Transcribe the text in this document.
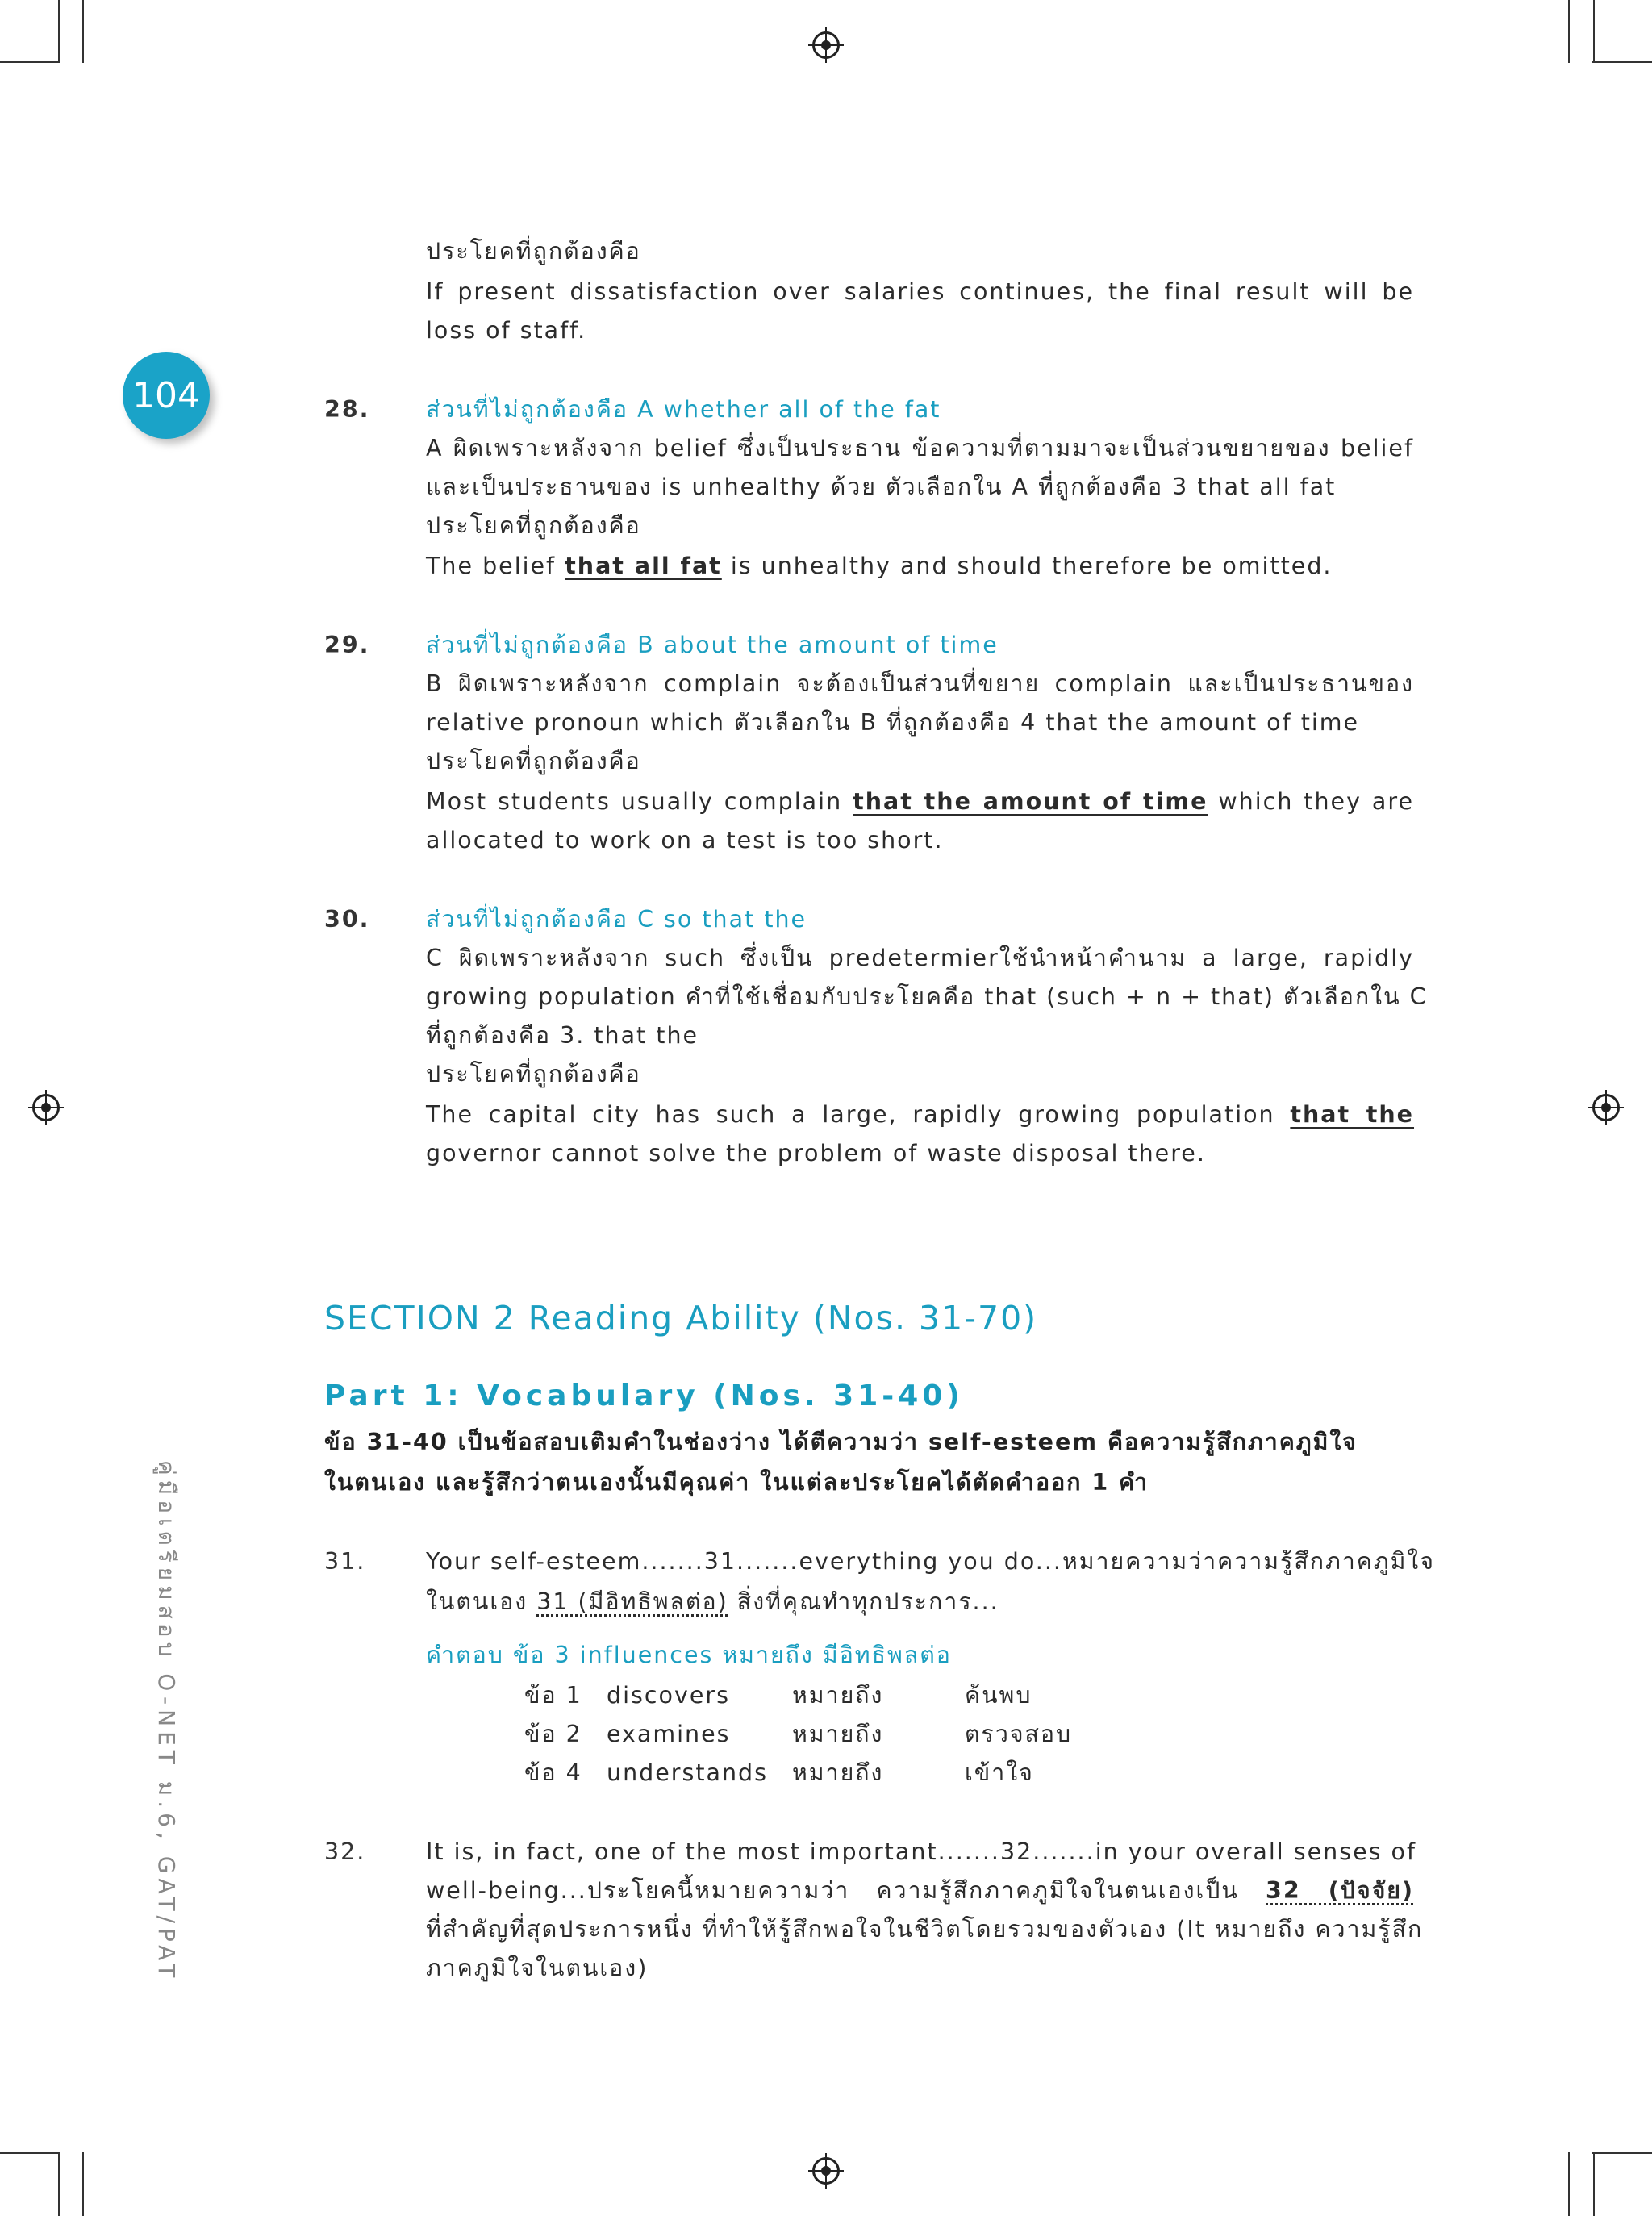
104
คู่มือเตรียมสอบ O-NET ม.6, GAT/PAT
ประโยคที่ถูกต้องคือ
If present dissatisfaction over salaries continues, the final result will be
loss of staff.
28. ส่วนที่ไม่ถูกต้องคือ A whether all of the fat
A ผิดเพราะหลังจาก belief ซึ่งเป็นประธาน ข้อความที่ตามมาจะเป็นส่วนขยายของ belief
และเป็นประธานของ is unhealthy ด้วย ตัวเลือกใน A ที่ถูกต้องคือ 3 that all fat
ประโยคที่ถูกต้องคือ
The belief that all fat is unhealthy and should therefore be omitted.
29. ส่วนที่ไม่ถูกต้องคือ B about the amount of time
B ผิดเพราะหลังจาก complain จะต้องเป็นส่วนที่ขยาย complain และเป็นประธานของ
relative pronoun which ตัวเลือกใน B ที่ถูกต้องคือ 4 that the amount of time
ประโยคที่ถูกต้องคือ
Most students usually complain that the amount of time which they are
allocated to work on a test is too short.
30. ส่วนที่ไม่ถูกต้องคือ C so that the
C ผิดเพราะหลังจาก such ซึ่งเป็น predetermierใช้นำหน้าคำนาม a large, rapidly
growing population คำที่ใช้เชื่อมกับประโยคคือ that (such + n + that) ตัวเลือกใน C
ที่ถูกต้องคือ 3. that the
ประโยคที่ถูกต้องคือ
The capital city has such a large, rapidly growing population that the
governor cannot solve the problem of waste disposal there.
SECTION 2 Reading Ability (Nos. 31-70)
Part 1: Vocabulary (Nos. 31-40)
ข้อ 31-40 เป็นข้อสอบเติมคำในช่องว่าง ได้ตีความว่า self-esteem คือความรู้สึกภาคภูมิใจ
ในตนเอง และรู้สึกว่าตนเองนั้นมีคุณค่า ในแต่ละประโยคได้ตัดคำออก 1 คำ
31.	Your self-esteem.......31.......everything you do...หมายความว่าความรู้สึกภาคภูมิใจ
ในตนเอง 31 (มีอิทธิพลต่อ) สิ่งที่คุณทำทุกประการ...
คำตอบ ข้อ 3 influences หมายถึง มีอิทธิพลต่อ
ข้อ 1 discovers	หมายถึง	ค้นพบ
ข้อ 2 examines	หมายถึง	ตรวจสอบ
ข้อ 4 understands หมายถึง	เข้าใจ
32.	It is, in fact, one of the most important.......32.......in your overall senses of
well-being...ประโยคนี้หมายความว่า ความรู้สึกภาคภูมิใจในตนเองเป็น 32 (ปัจจัย)
ที่สำคัญที่สุดประการหนึ่ง ที่ทำให้รู้สึกพอใจในชีวิตโดยรวมของตัวเอง (It หมายถึง ความรู้สึก
ภาคภูมิใจในตนเอง)
